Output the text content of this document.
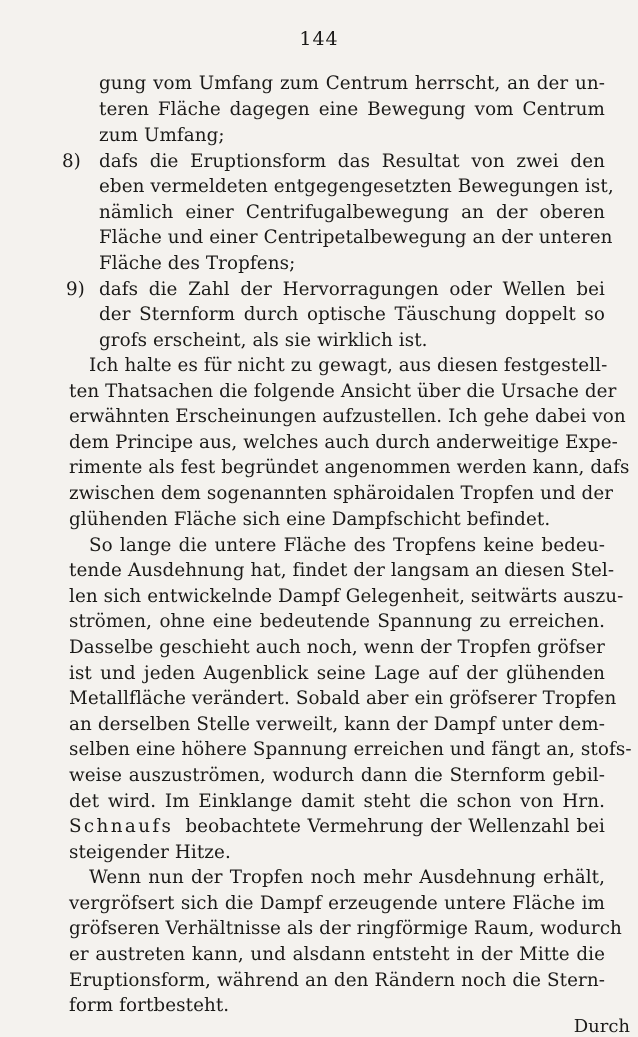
144
8)
9)
gung vom Umfang zum Centrum herrscht, an der un-
teren Fläche dagegen eine Bewegung vom Centrum
zum Umfang;
dafs die Eruptionsform das Resultat von zwei den
eben vermeldeten entgegengesetzten Bewegungen ist,
nämlich einer Centrifugalbewegung an der oberen
Fläche und einer Centripetalbewegung an der unteren
Fläche des Tropfens;
dafs die Zahl der Hervorragungen oder Wellen bei
der Sternform durch optische Täuschung doppelt so
grofs erscheint, als sie wirklich ist.
Ich halte es für nicht zu gewagt, aus diesen festgestell-
ten Thatsachen die folgende Ansicht über die Ursache der
erwähnten Erscheinungen aufzustellen. Ich gehe dabei von
dem Principe aus, welches auch durch anderweitige Expe-
rimente als fest begründet angenommen werden kann, dafs
zwischen dem sogenannten sphäroidalen Tropfen und der
glühenden Fläche sich eine Dampfschicht befindet.
So lange die untere Fläche des Tropfens keine bedeu-
tende Ausdehnung hat, findet der langsam an diesen Stel-
len sich entwickelnde Dampf Gelegenheit, seitwärts auszu-
strömen, ohne eine bedeutende Spannung zu erreichen.
Dasselbe geschieht auch noch, wenn der Tropfen gröfser
ist und jeden Augenblick seine Lage auf der glühenden
Metallfläche verändert. Sobald aber ein gröfserer Tropfen
an derselben Stelle verweilt, kann der Dampf unter dem-
selben eine höhere Spannung erreichen und fängt an, stofs-
weise auszuströmen, wodurch dann die Sternform gebil-
det wird. Im Einklange damit steht die schon von Hrn.
Schnaufs beobachtete Vermehrung der Wellenzahl bei
steigender Hitze.
Wenn nun der Tropfen noch mehr Ausdehnung erhält,
vergröfsert sich die Dampf erzeugende untere Fläche im
gröfseren Verhältnisse als der ringförmige Raum, wodurch
er austreten kann, und alsdann entsteht in der Mitte die
Eruptionsform, während an den Rändern noch die Stern-
form fortbesteht.
Durch
